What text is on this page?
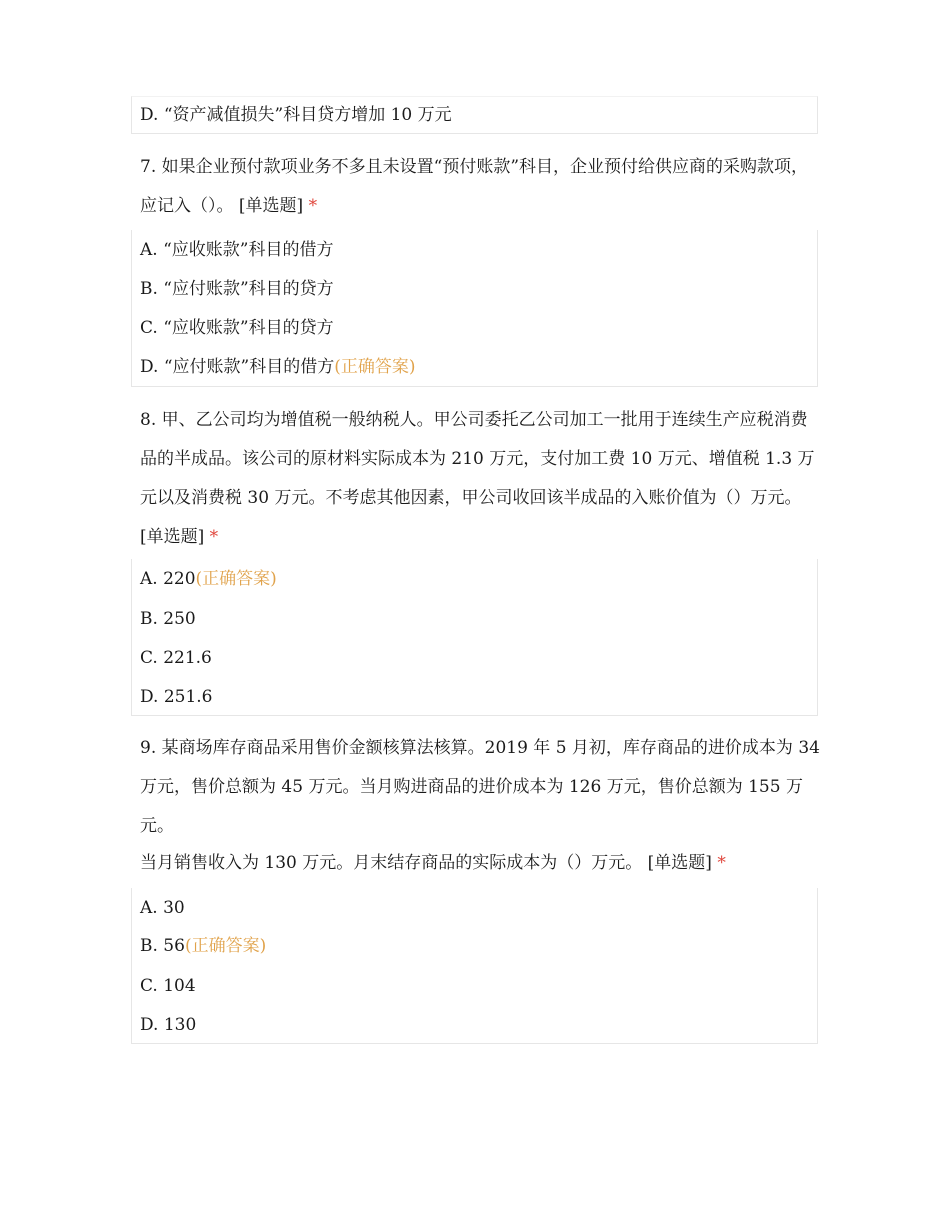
D. “资产减值损失”科目贷方增加 10 万元
7. 如果企业预付款项业务不多且未设置“预付账款”科目，企业预付给供应商的采购款项，应记入（）。 [单选题] *
A. “应收账款”科目的借方
B. “应付账款”科目的贷方
C. “应收账款”科目的贷方
D. “应付账款”科目的借方(正确答案)
8. 甲、乙公司均为增值税一般纳税人。甲公司委托乙公司加工一批用于连续生产应税消费品的半成品。该公司的原材料实际成本为 210 万元，支付加工费 10 万元、增值税 1.3 万元以及消费税 30 万元。不考虑其他因素，甲公司收回该半成品的入账价值为（）万元。 [单选题] *
A. 220(正确答案)
B. 250
C. 221.6
D. 251.6
9. 某商场库存商品采用售价金额核算法核算。2019 年 5 月初，库存商品的进价成本为 34 万元，售价总额为 45 万元。当月购进商品的进价成本为 126 万元，售价总额为 155 万元。
当月销售收入为 130 万元。月末结存商品的实际成本为（）万元。 [单选题] *
A. 30
B. 56(正确答案)
C. 104
D. 130
